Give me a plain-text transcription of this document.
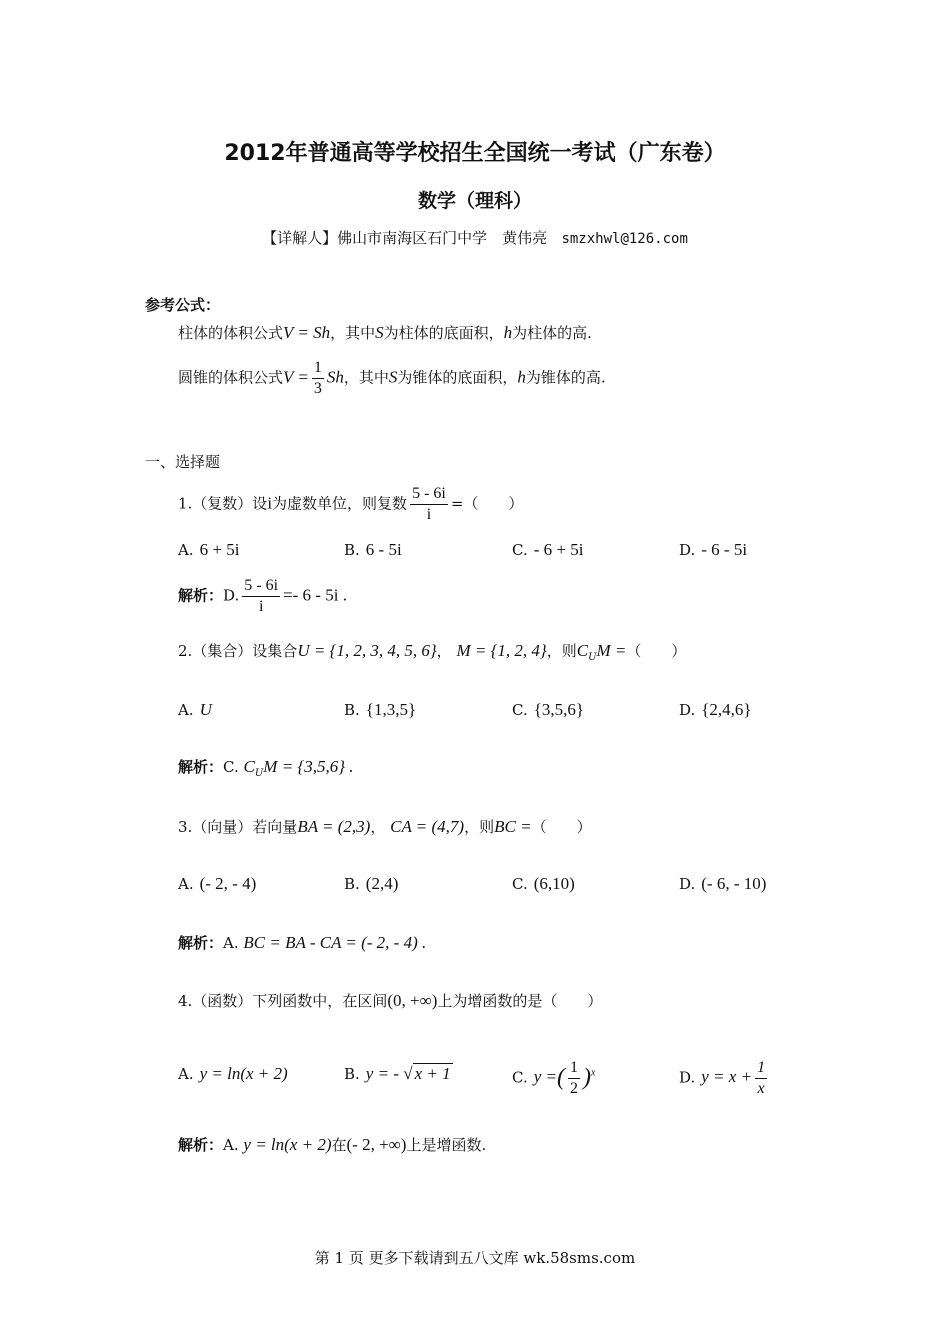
2012年普通高等学校招生全国统一考试（广东卷）
数学（理科）
【详解人】佛山市南海区石门中学　黄伟亮 smzxhwl@126.com
参考公式：
柱体的体积公式V = Sh，其中S为柱体的底面积，h为柱体的高.
圆锥的体积公式$V = \frac{1}{3}$ Sh，其中S为锥体的底面积，h为锥体的高.
一、选择题
1.（复数）设i为虚数单位，则复数 $\frac{5 - 6i}{i}$ =（　　）
A. 6 + 5i	B. 6 - 5i	C. - 6 + 5i	D. - 6 - 5i
解析：D. $\frac{5 - 6i}{i} =- 6 - 5i$ .
2.（集合）设集合U = {1, 2, 3, 4, 5, 6}， M = {1, 2, 4}，则$C_UM$ =（　　）
A. U	B. {1,3,5}	C. {3,5,6}	D. {2,4,6}
解析：C. $C_UM = \{3,5,6\}$ .
3.（向量）若向量BA = (2,3)， CA = (4,7)，则BC =（　　）
A. (- 2, - 4)	B. (2,4)	C. (6,10)	D. (- 6, - 10)
解析：A. BC = BA - CA = (- 2, - 4) .
4.（函数）下列函数中，在区间(0, +∞)上为增函数的是（　　）
A. y = ln(x + 2)	B. y = - √ x + 1	C. y =( $\frac{1}{2} )^x$	D. $y = x + \frac{1}{x}$
解析：A. y = ln(x + 2)在(- 2, +∞)上是增函数.
第 1 页 更多下载请到五八文库 wk.58sms.com
